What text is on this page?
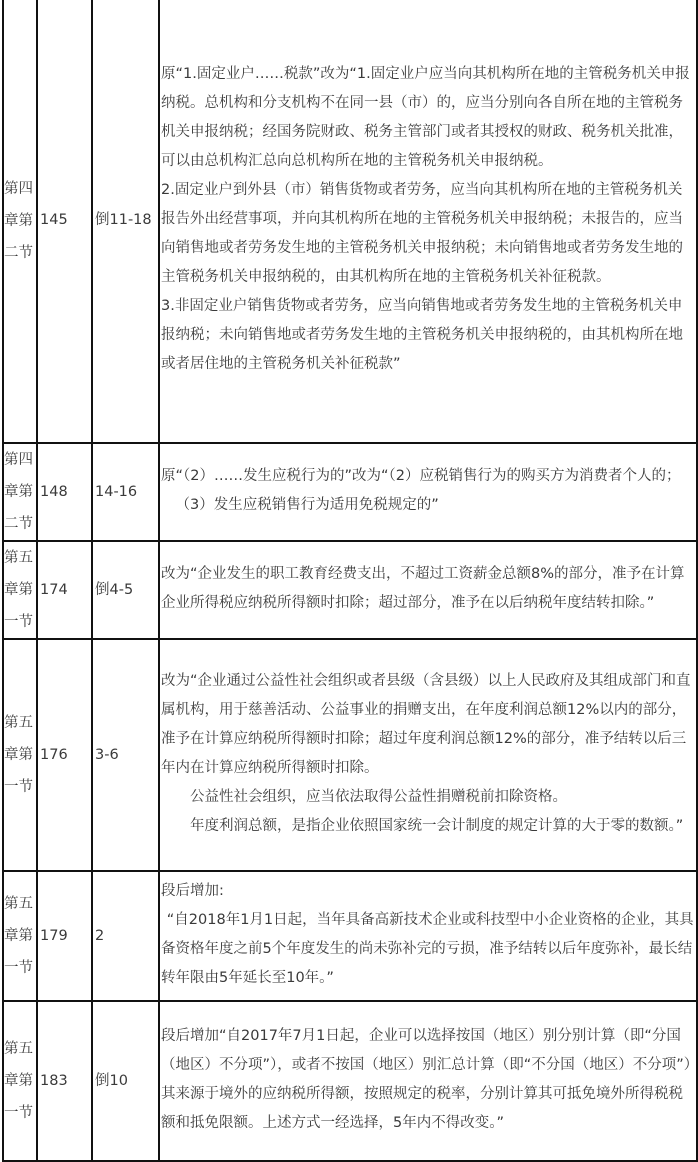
第四章第二节	145	倒11-18	原“1.固定业户……税款”改为“1.固定业户应当向其机构所在地的主管税务机关申报纳税。总机构和分支机构不在同一县（市）的，应当分别向各自所在地的主管税务机关申报纳税；经国务院财政、税务主管部门或者其授权的财政、税务机关批准，可以由总机构汇总向总机构所在地的主管税务机关申报纳税。

2.固定业户到外县（市）销售货物或者劳务，应当向其机构所在地的主管税务机关报告外出经营事项，并向其机构所在地的主管税务机关申报纳税；未报告的，应当向销售地或者劳务发生地的主管税务机关申报纳税；未向销售地或者劳务发生地的主管税务机关申报纳税的，由其机构所在地的主管税务机关补征税款。

3.非固定业户销售货物或者劳务，应当向销售地或者劳务发生地的主管税务机关申报纳税；未向销售地或者劳务发生地的主管税务机关申报纳税的，由其机构所在地或者居住地的主管税务机关补征税款”

第四章第二节	148	14-16	原“（2）……发生应税行为的”改为“（2）应税销售行为的购买方为消费者个人的；

（3）发生应税销售行为适用免税规定的”

第五章第一节	174	倒4-5	改为“企业发生的职工教育经费支出，不超过工资薪金总额8%的部分，准予在计算企业所得税应纳税所得额时扣除；超过部分，准予在以后纳税年度结转扣除。”

第五章第一节	176	3-6	改为“企业通过公益性社会组织或者县级（含县级）以上人民政府及其组成部门和直属机构，用于慈善活动、公益事业的捐赠支出，在年度利润总额12%以内的部分，准予在计算应纳税所得额时扣除；超过年度利润总额12%的部分，准予结转以后三年内在计算应纳税所得额时扣除。

公益性社会组织，应当依法取得公益性捐赠税前扣除资格。

年度利润总额，是指企业依照国家统一会计制度的规定计算的大于零的数额。”

第五章第一节	179	2	段后增加:

“自2018年1月1日起，当年具备高新技术企业或科技型中小企业资格的企业，其具备资格年度之前5个年度发生的尚未弥补完的亏损，准予结转以后年度弥补，最长结转年限由5年延长至10年。”

第五章第一节	183	倒10	段后增加“自2017年7月1日起，企业可以选择按国（地区）别分别计算（即“分国（地区）不分项”），或者不按国（地区）别汇总计算（即“不分国（地区）不分项”）其来源于境外的应纳税所得额，按照规定的税率，分别计算其可抵免境外所得税税额和抵免限额。上述方式一经选择，5年内不得改变。”
